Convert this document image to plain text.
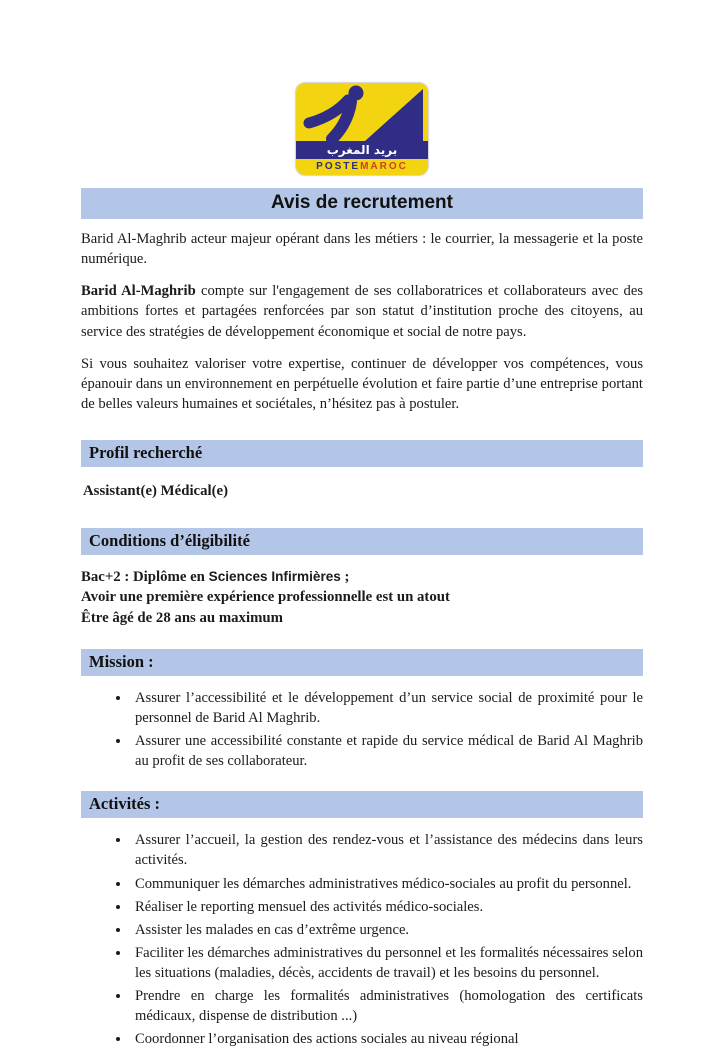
بريد المغرب
POSTEMAROC
Avis de recrutement

Barid Al-Maghrib acteur majeur opérant dans les métiers : le courrier, la messagerie et la poste numérique.

Barid Al-Maghrib compte sur l'engagement de ses collaboratrices et collaborateurs avec des ambitions fortes et partagées renforcées par son statut d’institution proche des citoyens, au service des stratégies de développement économique et social de notre pays.

Si vous souhaitez valoriser votre expertise, continuer de développer vos compétences, vous épanouir dans un environnement en perpétuelle évolution et faire partie d’une entreprise portant de belles valeurs humaines et sociétales, n’hésitez pas à postuler.

Profil recherché

Assistant(e) Médical(e)

Conditions d’éligibilité

Bac+2 : Diplôme en Sciences Infirmières ;

Avoir une première expérience professionnelle est un atout

Être âgé de 28 ans au maximum

Mission :
• Assurer l’accessibilité et le développement d’un service social de proximité pour le personnel de Barid Al Maghrib.
• Assurer une accessibilité constante et rapide du service médical de Barid Al Maghrib au profit de ses collaborateur.
Activités :
• Assurer l’accueil, la gestion des rendez-vous et l’assistance des médecins dans leurs activités.
• Communiquer les démarches administratives médico-sociales au profit du personnel.
• Réaliser le reporting mensuel des activités médico-sociales.
• Assister les malades en cas d’extrême urgence.
• Faciliter les démarches administratives du personnel et les formalités nécessaires selon les situations (maladies, décès, accidents de travail) et les besoins du personnel.
• Prendre en charge les formalités administratives (homologation des certificats médicaux, dispense de distribution ...)
• Coordonner l’organisation des actions sociales au niveau régional
